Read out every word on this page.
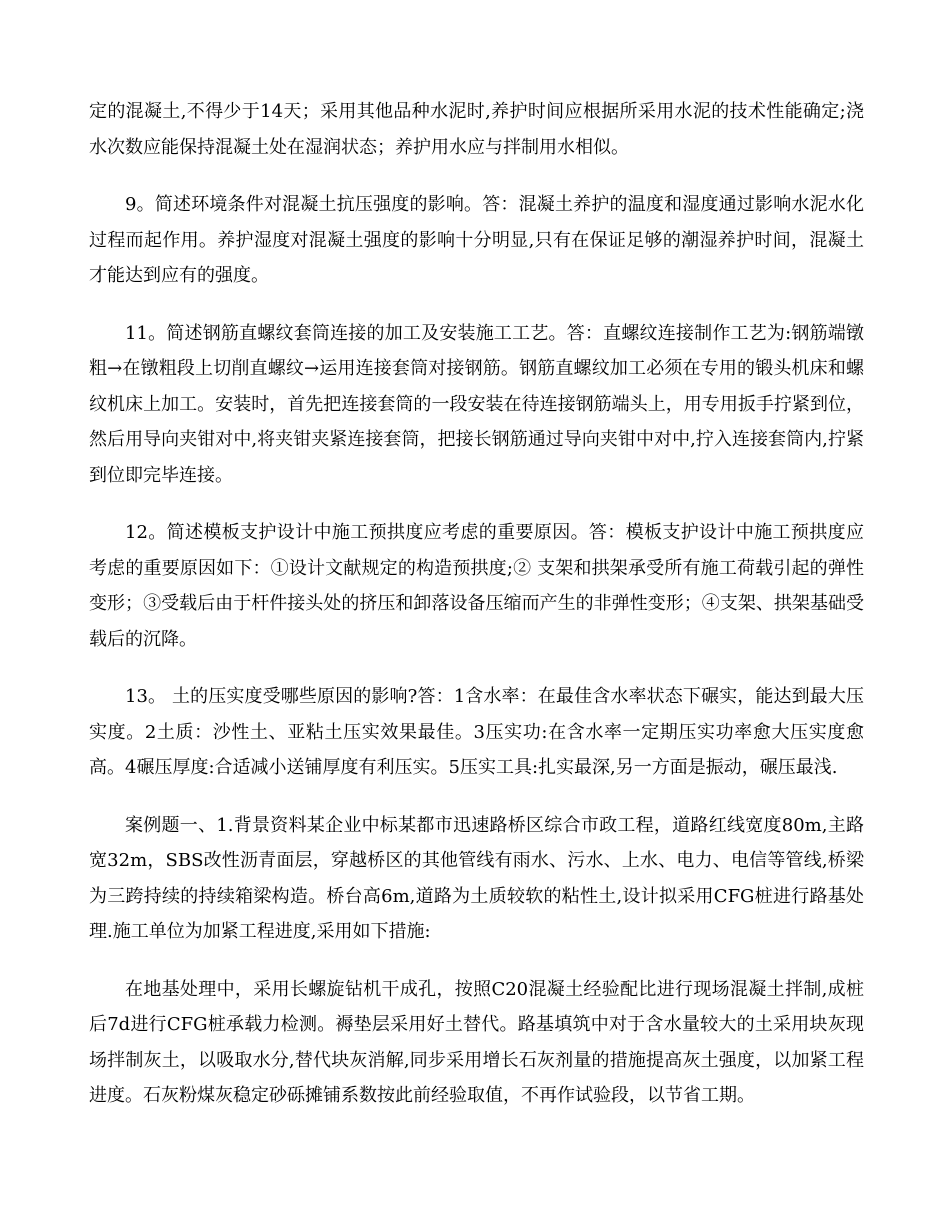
定的混凝土,不得少于14天；采用其他品种水泥时,养护时间应根据所采用水泥的技术性能确定;浇水次数应能保持混凝土处在湿润状态；养护用水应与拌制用水相似。

9。简述环境条件对混凝土抗压强度的影响。答：混凝土养护的温度和湿度通过影响水泥水化过程而起作用。养护湿度对混凝土强度的影响十分明显,只有在保证足够的潮湿养护时间，混凝土才能达到应有的强度。

11。简述钢筋直螺纹套筒连接的加工及安装施工工艺。答：直螺纹连接制作工艺为:钢筋端镦粗→在镦粗段上切削直螺纹→运用连接套筒对接钢筋。钢筋直螺纹加工必须在专用的锻头机床和螺纹机床上加工。安装时，首先把连接套筒的一段安装在待连接钢筋端头上，用专用扳手拧紧到位，然后用导向夹钳对中,将夹钳夹紧连接套筒，把接长钢筋通过导向夹钳中对中,拧入连接套筒内,拧紧到位即完毕连接。

12。简述模板支护设计中施工预拱度应考虑的重要原因。答：模板支护设计中施工预拱度应考虑的重要原因如下：①设计文献规定的构造预拱度;② 支架和拱架承受所有施工荷载引起的弹性变形；③受载后由于杆件接头处的挤压和卸落设备压缩而产生的非弹性变形；④支架、拱架基础受载后的沉降。

13。 土的压实度受哪些原因的影响?答：1含水率：在最佳含水率状态下碾实，能达到最大压实度。2土质：沙性土、亚粘土压实效果最佳。3压实功:在含水率一定期压实功率愈大压实度愈高。4碾压厚度:合适减小送铺厚度有利压实。5压实工具:扎实最深,另一方面是振动，碾压最浅.

案例题一、1.背景资料某企业中标某都市迅速路桥区综合市政工程，道路红线宽度80m,主路宽32m，SBS改性沥青面层，穿越桥区的其他管线有雨水、污水、上水、电力、电信等管线,桥梁为三跨持续的持续箱梁构造。桥台高6m,道路为土质较软的粘性土,设计拟采用CFG桩进行路基处理.施工单位为加紧工程进度,采用如下措施:

在地基处理中，采用长螺旋钻机干成孔，按照C20混凝土经验配比进行现场混凝土拌制,成桩后7d进行CFG桩承载力检测。褥垫层采用好土替代。路基填筑中对于含水量较大的土采用块灰现场拌制灰土，以吸取水分,替代块灰消解,同步采用增长石灰剂量的措施提高灰土强度，以加紧工程进度。石灰粉煤灰稳定砂砾摊铺系数按此前经验取值，不再作试验段，以节省工期。
